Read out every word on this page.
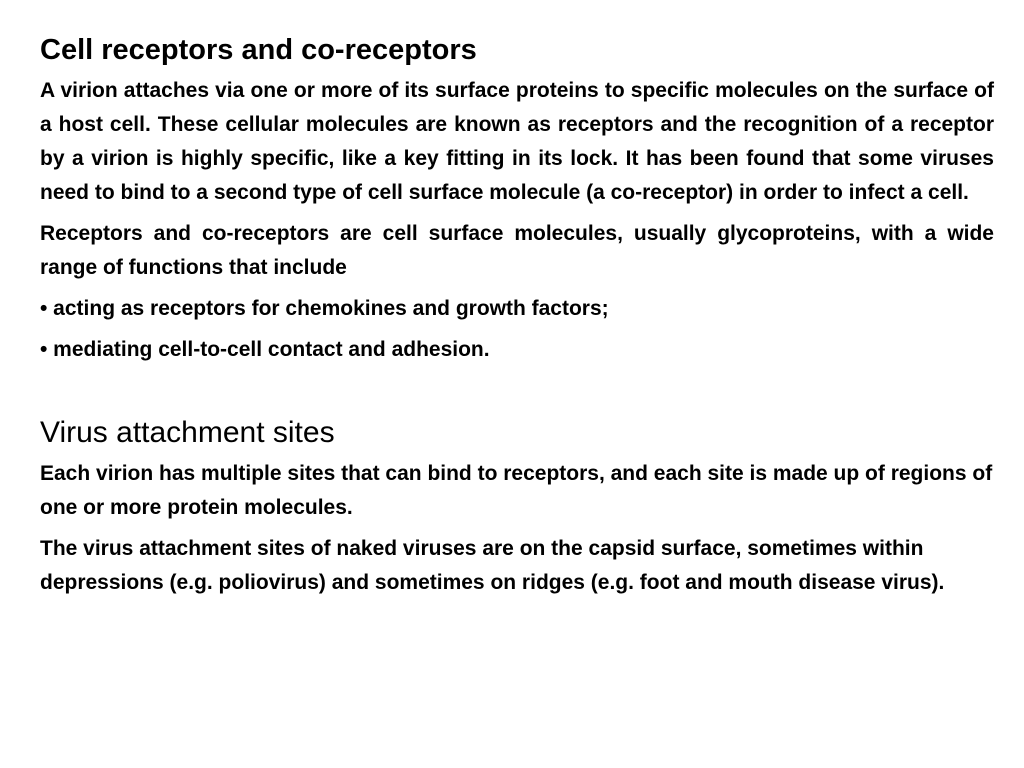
Cell receptors and co-receptors
A virion attaches via one or more of its surface proteins to specific molecules on the surface of a host cell. These cellular molecules are known as receptors and the recognition of a receptor by a virion is highly specific, like a key fitting in its lock. It has been found that some viruses need to bind to a second type of cell surface molecule (a co-receptor) in order to infect a cell.
Receptors and co-receptors are cell surface molecules, usually glycoproteins, with a wide range of functions that include
• acting as receptors for chemokines and growth factors;
• mediating cell-to-cell contact and adhesion.
Virus attachment sites
Each virion has multiple sites that can bind to receptors, and each site is made up of regions of one or more protein molecules.
The virus attachment sites of naked viruses are on the capsid surface, sometimes within depressions (e.g. poliovirus) and sometimes on ridges (e.g. foot and mouth disease virus).
